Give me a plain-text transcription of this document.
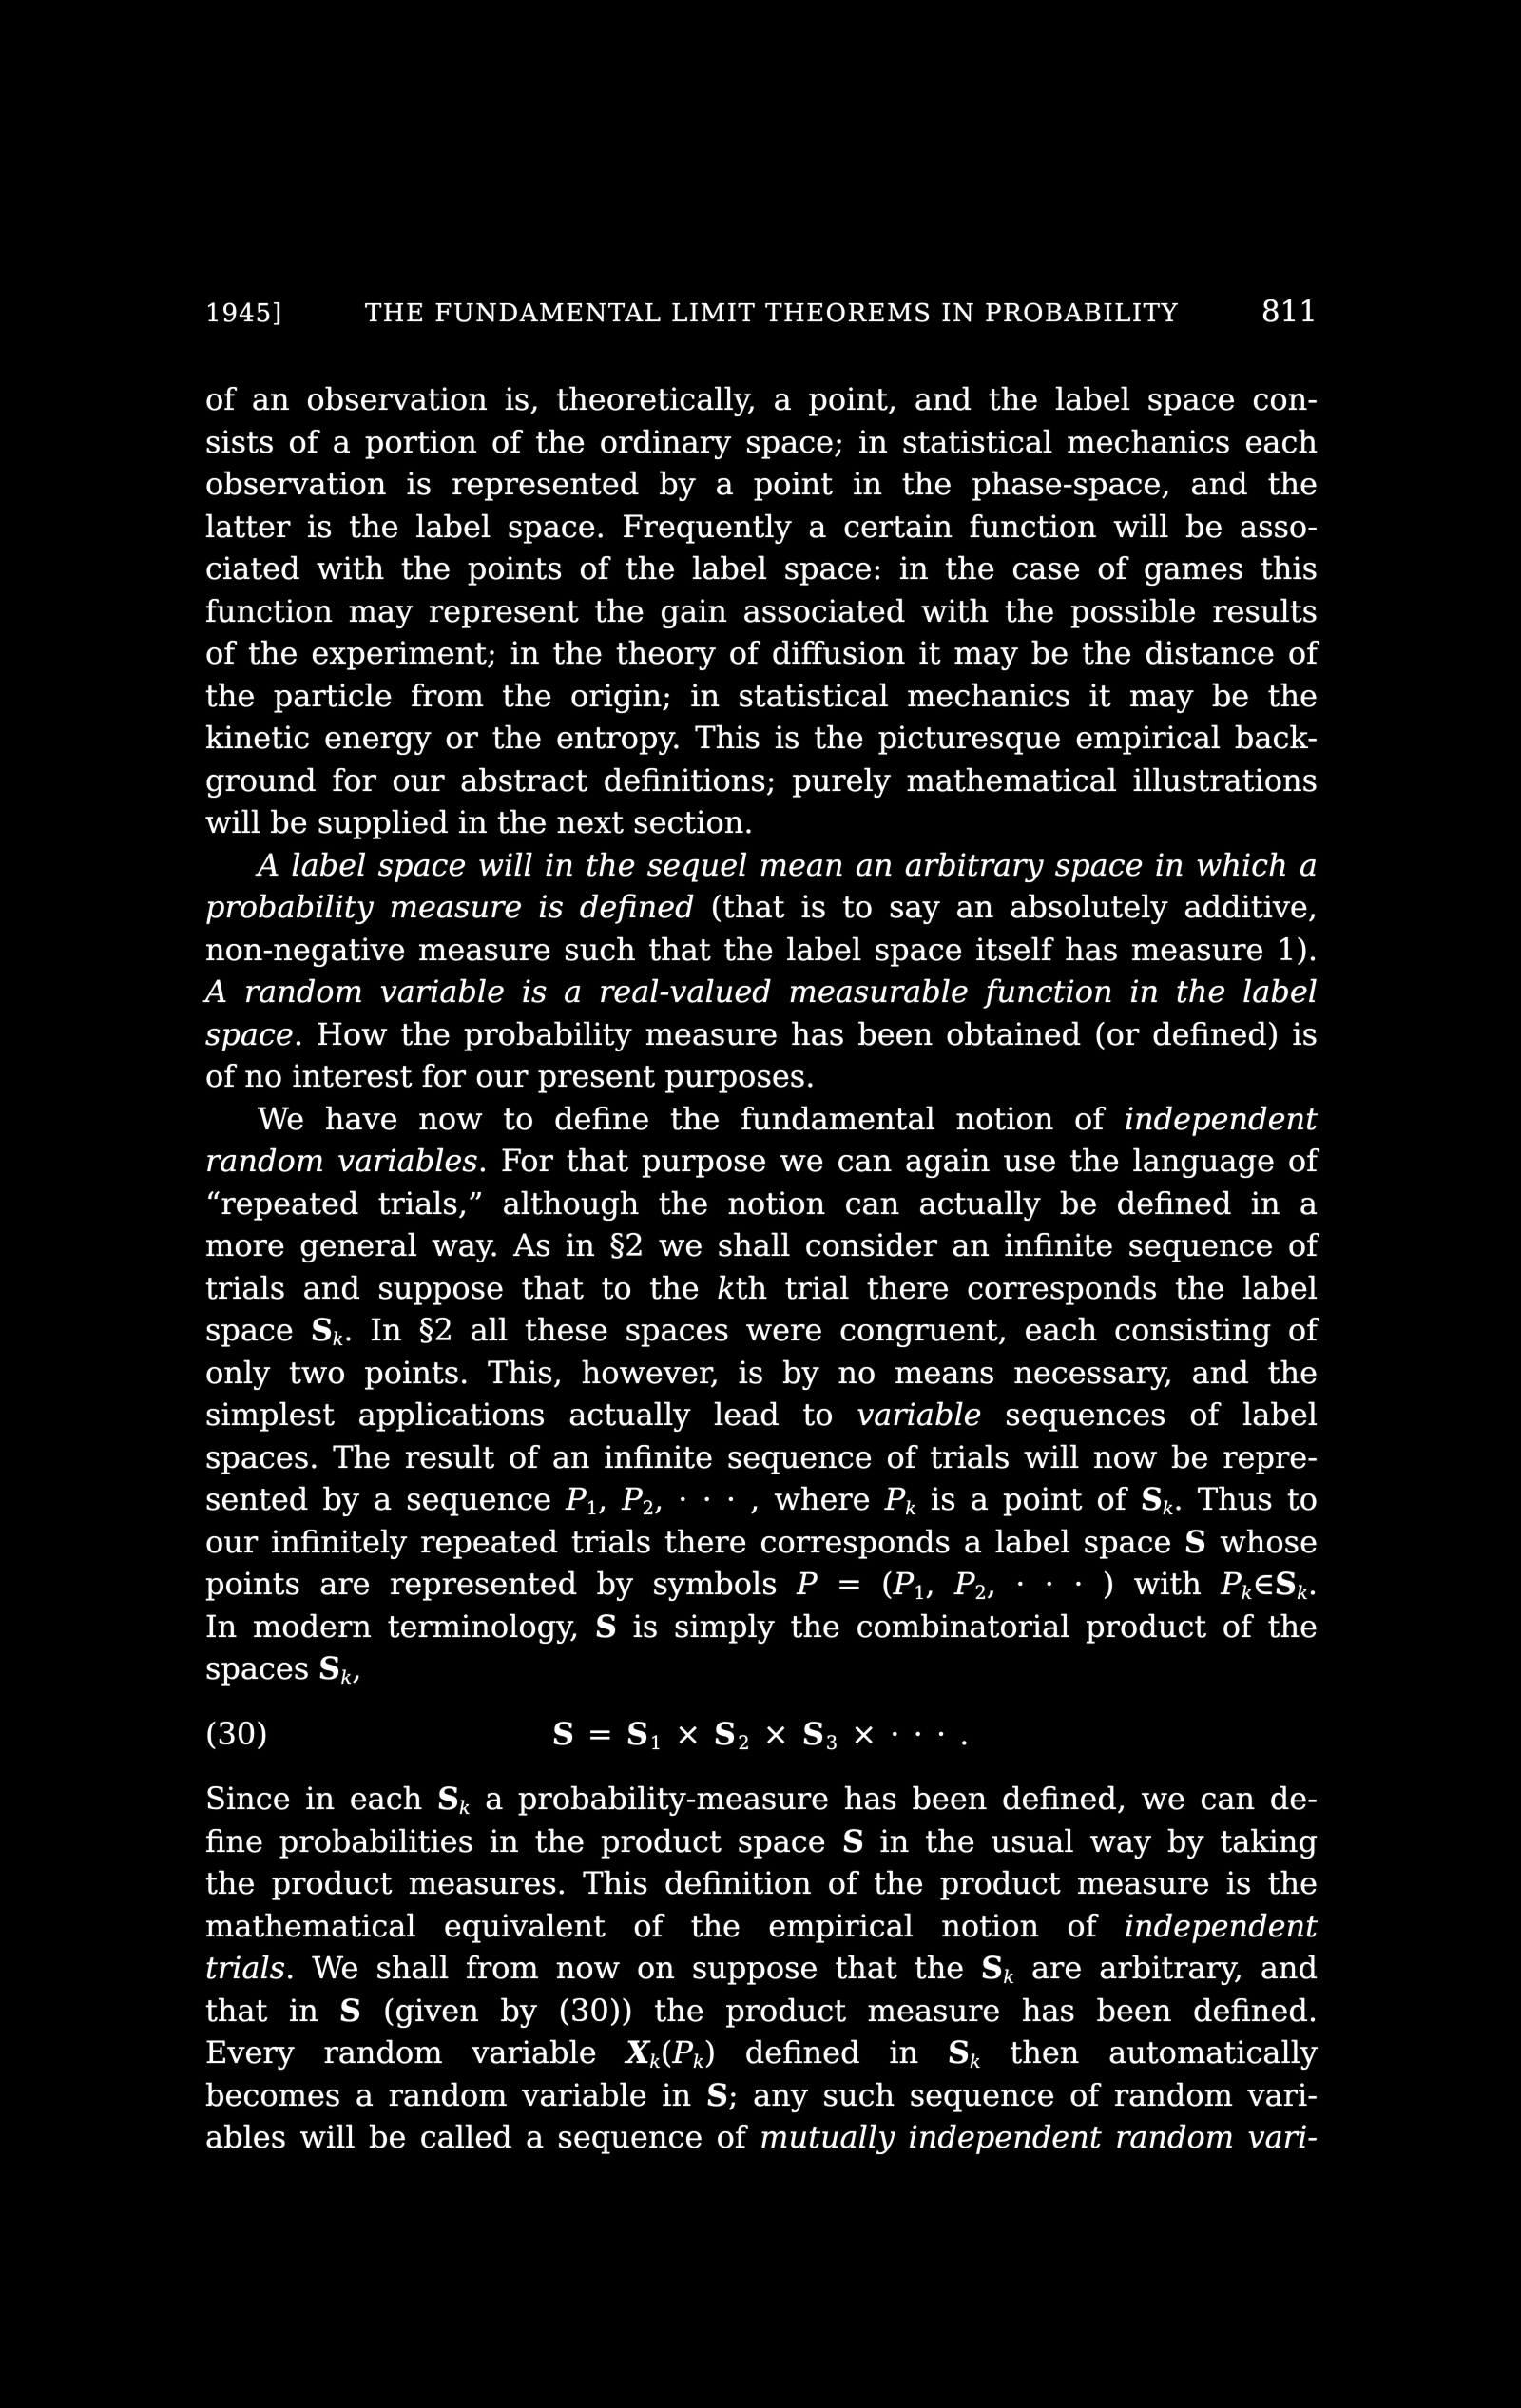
1945]	THE FUNDAMENTAL LIMIT THEOREMS IN PROBABILITY	811
of an observation is, theoretically, a point, and the label space con-
sists of a portion of the ordinary space; in statistical mechanics each
observation is represented by a point in the phase-space, and the
latter is the label space. Frequently a certain function will be asso-
ciated with the points of the label space: in the case of games this
function may represent the gain associated with the possible results
of the experiment; in the theory of diffusion it may be the distance of
the particle from the origin; in statistical mechanics it may be the
kinetic energy or the entropy. This is the picturesque empirical back-
ground for our abstract definitions; purely mathematical illustrations
will be supplied in the next section.
A label space will in the sequel mean an arbitrary space in which a
probability measure is defined (that is to say an absolutely additive,
non-negative measure such that the label space itself has measure 1).
A random variable is a real-valued measurable function in the label
space. How the probability measure has been obtained (or defined) is
of no interest for our present purposes.
We have now to define the fundamental notion of independent
random variables. For that purpose we can again use the language of
“repeated trials,” although the notion can actually be defined in a
more general way. As in §2 we shall consider an infinite sequence of
trials and suppose that to the kth trial there corresponds the label
space $S_k$. In §2 all these spaces were congruent, each consisting of
only two points. This, however, is by no means necessary, and the
simplest applications actually lead to variable sequences of label
spaces. The result of an infinite sequence of trials will now be repre-
sented by a sequence $P_1$, $P_2$, · · · , where $P_k$ is a point of $S_k$. Thus to
our infinitely repeated trials there corresponds a label space S whose
points are represented by symbols $P = (P_1$, $P_2$, · · · ) with $P_k\in S_k$.
In modern terminology, S is simply the combinatorial product of the
spaces $S_k$,
(30)	$S = S_1 \times S_2 \times S_3$ × · · · .
Since in each $S_k$ a probability-measure has been defined, we can de-
fine probabilities in the product space S in the usual way by taking
the product measures. This definition of the product measure is the
mathematical equivalent of the empirical notion of independent
trials. We shall from now on suppose that the $S_k$ are arbitrary, and
that in S (given by (30)) the product measure has been defined.
Every random variable $X_k(P_k)$ defined in $S_k$ then automatically
becomes a random variable in S; any such sequence of random vari-
ables will be called a sequence of mutually independent random vari-
